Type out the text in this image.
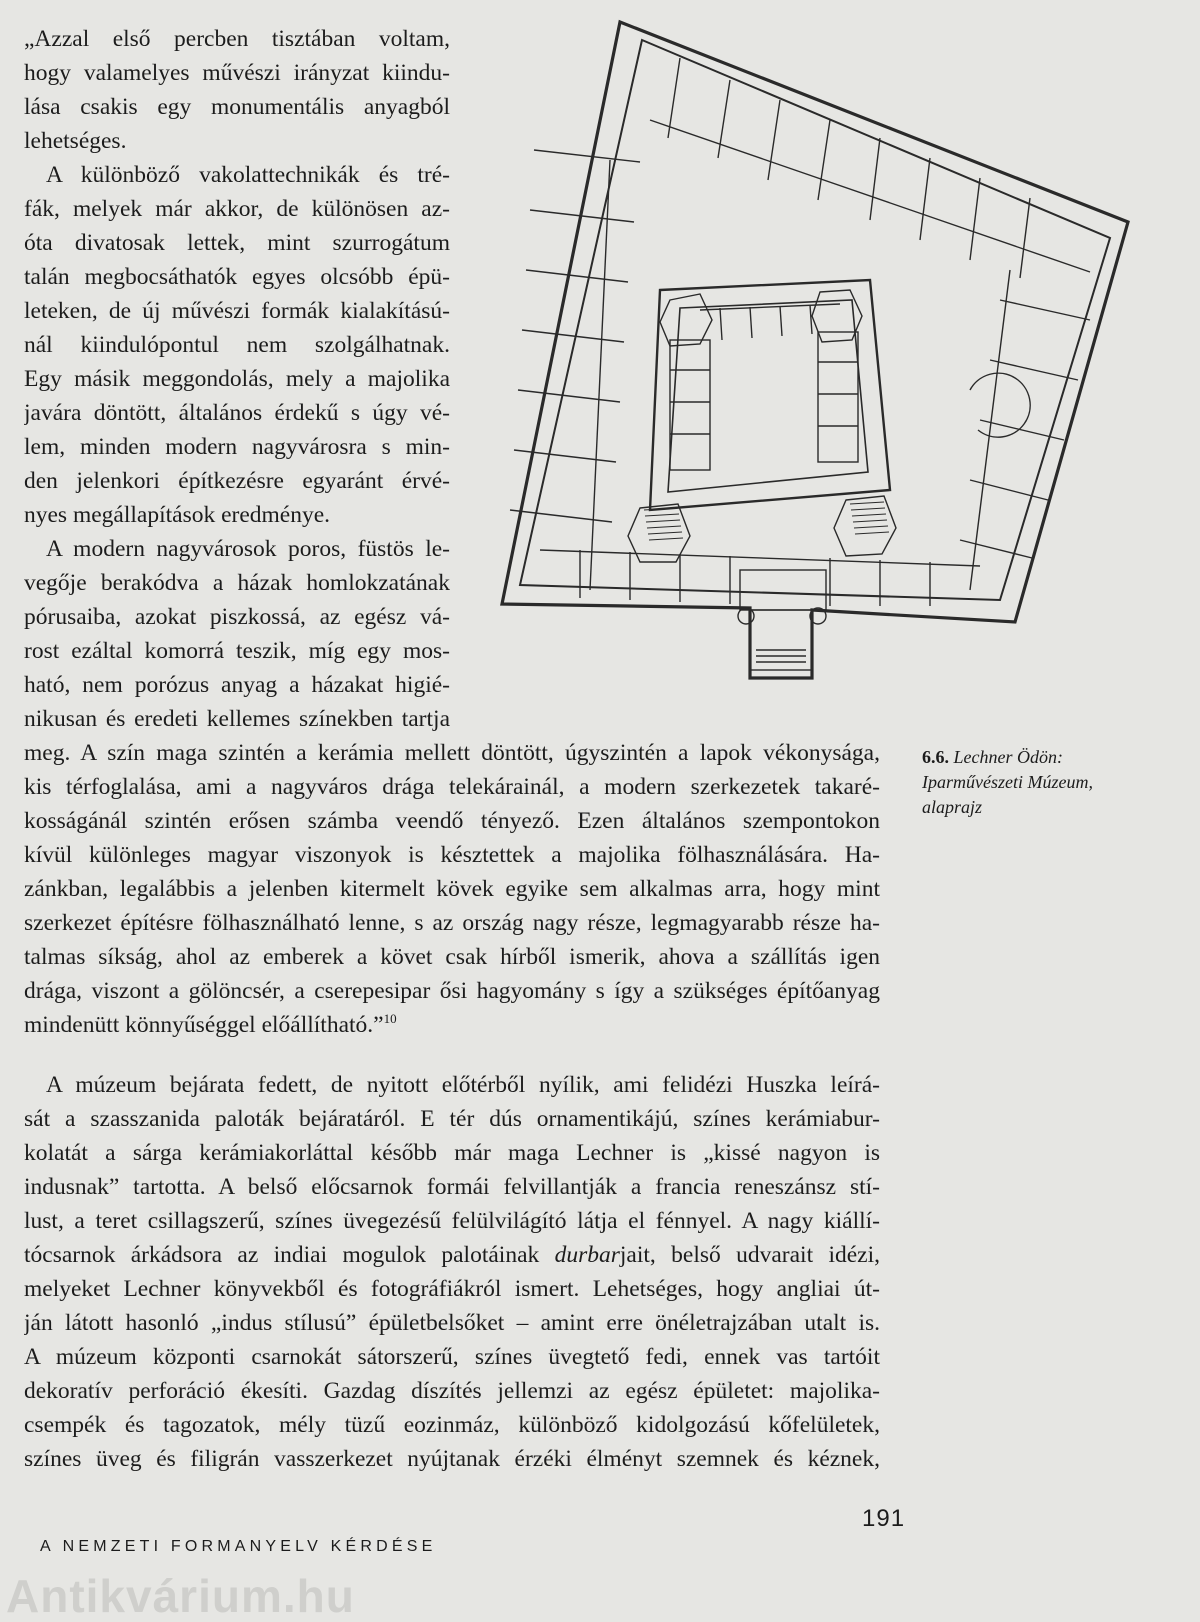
„Azzal első percben tisztában voltam,
hogy valamelyes művészi irányzat kiindu-
lása csakis egy monumentális anyagból
lehetséges.
A különböző vakolattechnikák és tré-
fák, melyek már akkor, de különösen az-
óta divatosak lettek, mint szurrogátum
talán megbocsáthatók egyes olcsóbb épü-
leteken, de új művészi formák kialakítású-
nál kiindulópontul nem szolgálhatnak.
Egy másik meggondolás, mely a majolika
javára döntött, általános érdekű s úgy vé-
lem, minden modern nagyvárosra s min-
den jelenkori építkezésre egyaránt érvé-
nyes megállapítások eredménye.
A modern nagyvárosok poros, füstös le-
vegője berakódva a házak homlokzatának
pórusaiba, azokat piszkossá, az egész vá-
rost ezáltal komorrá teszik, míg egy mos-
ható, nem porózus anyag a házakat higié-
nikusan és eredeti kellemes színekben tartja
meg. A szín maga szintén a kerámia mellett döntött, úgyszintén a lapok vékonysága,
kis térfoglalása, ami a nagyváros drága telekárainál, a modern szerkezetek takaré-
kosságánál szintén erősen számba veendő tényező. Ezen általános szempontokon
kívül különleges magyar viszonyok is késztettek a majolika fölhasználására. Ha-
zánkban, legalábbis a jelenben kitermelt kövek egyike sem alkalmas arra, hogy mint
szerkezet építésre fölhasználható lenne, s az ország nagy része, legmagyarabb része ha-
talmas síkság, ahol az emberek a követ csak hírből ismerik, ahova a szállítás igen
drága, viszont a gölöncsér, a cserepesipar ősi hagyomány s így a szükséges építőanyag
mindenütt könnyűséggel előállítható.”$^{10}$
A múzeum bejárata fedett, de nyitott előtérből nyílik, ami felidézi Huszka leírá-
sát a szasszanida paloták bejáratáról. E tér dús ornamentikájú, színes kerámiabur-
kolatát a sárga kerámiakorláttal később már maga Lechner is „kissé nagyon is
indusnak” tartotta. A belső előcsarnok formái felvillantják a francia reneszánsz stí-
lust, a teret csillagszerű, színes üvegezésű felülvilágító látja el fénnyel. A nagy kiállí-
tócsarnok árkádsora az indiai mogulok palotáinak durbarjait, belső udvarait idézi,
melyeket Lechner könyvekből és fotográfiákról ismert. Lehetséges, hogy angliai út-
ján látott hasonló „indus stílusú” épületbelsőket – amint erre önéletrajzában utalt is.
A múzeum központi csarnokát sátorszerű, színes üvegtető fedi, ennek vas tartóit
dekoratív perforáció ékesíti. Gazdag díszítés jellemzi az egész épületet: majolika-
csempék és tagozatok, mély tüzű eozinmáz, különböző kidolgozású kőfelületek,
színes üveg és filigrán vasszerkezet nyújtanak érzéki élményt szemnek és kéznek,
6.6. Lechner Ödön:
Iparművészeti Múzeum,
alaprajz
191
A NEMZETI FORMANYELV KÉRDÉSE
Antikvárium.hu
